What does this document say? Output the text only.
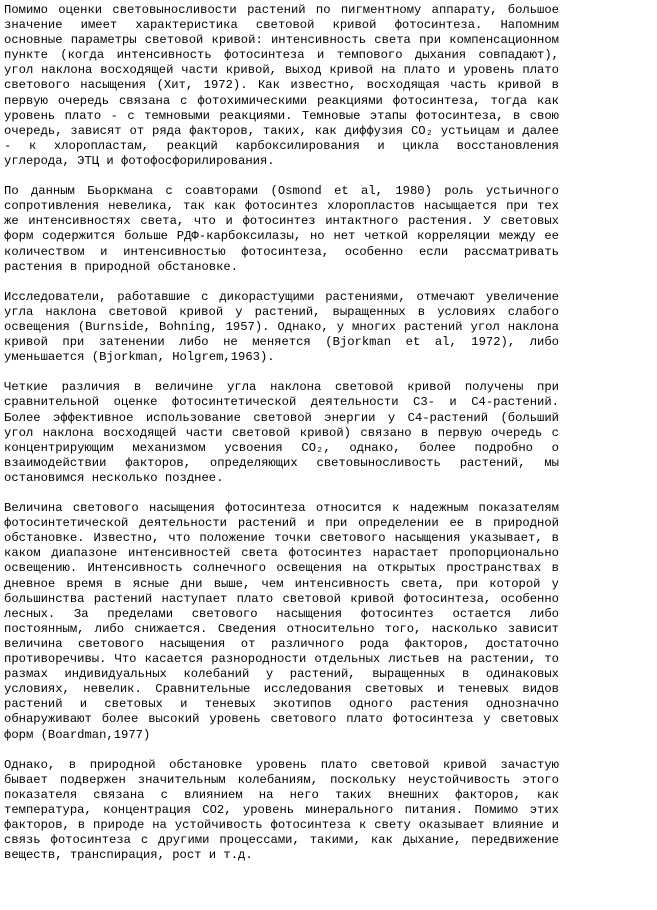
Помимо оценки световыносливости растений по пигментному аппарату, большое значение имеет характеристика световой кривой фотосинтеза. Напомним основные параметры световой кривой: интенсивность света при компенсационном пункте (когда интенсивность фотосинтеза и темпового дыхания совпадают), угол наклона восходящей части кривой, выход кривой на плато и уровень плато светового насыщения (Хит, 1972). Как известно, восходящая часть кривой в первую очередь связана с фотохимическими реакциями фотосинтеза, тогда как уровень плато - с темновыми реакциями. Темновые этапы фотосинтеза, в свою очередь, зависят от ряда факторов, таких, как диффузия CO₂ устьицам и далее - к хлоропластам, реакций карбоксилирования и цикла восстановления углерода, ЭТЦ и фотофосфорилирования.

По данным Бьоркмана с соавторами (Osmond et al, 1980) роль устьичного сопротивления невелика, так как фотосинтез хлоропластов насыщается при тех же интенсивностях света, что и фотосинтез интактного растения. У световых форм содержится больше РДФ-карбоксилазы, но нет четкой корреляции между ее количеством и интенсивностью фотосинтеза, особенно если рассматривать растения в природной обстановке.

Исследователи, работавшие с дикорастущими растениями, отмечают увеличение угла наклона световой кривой у растений, выращенных в условиях слабого освещения (Burnside, Bohning, 1957). Однако, у многих растений угол наклона кривой при затенении либо не меняется (Bjorkman et al, 1972), либо уменьшается (Bjorkman, Holgrem,1963).

Четкие различия в величине угла наклона световой кривой получены при сравнительной оценке фотосинтетической деятельности С3- и С4-растений. Более эффективное использование световой энергии у С4-растений (больший угол наклона восходящей части световой кривой) связано в первую очередь с концентрирующим механизмом усвоения CO₂, однако, более подробно о взаимодействии факторов, определяющих световыносливость растений, мы остановимся несколько позднее.

Величина светового насыщения фотосинтеза относится к надежным показателям фотосинтетической деятельности растений и при определении ее в природной обстановке. Известно, что положение точки светового насыщения указывает, в каком диапазоне интенсивностей света фотосинтез нарастает пропорционально освещению. Интенсивность солнечного освещения на открытых пространствах в дневное время в ясные дни выше, чем интенсивность света, при которой у большинства растений наступает плато световой кривой фотосинтеза, особенно лесных. За пределами светового насыщения фотосинтез остается либо постоянным, либо снижается. Сведения относительно того, насколько зависит величина светового насыщения от различного рода факторов, достаточно противоречивы. Что касается разнородности отдельных листьев на растении, то размах индивидуальных колебаний у растений, выращенных в одинаковых условиях, невелик. Сравнительные исследования световых и теневых видов растений и световых и теневых экотипов одного растения однозначно обнаруживают более высокий уровень светового плато фотосинтеза у световых форм (Boardman,1977)

Однако, в природной обстановке уровень плато световой кривой зачастую бывает подвержен значительным колебаниям, поскольку неустойчивость этого показателя связана с влиянием на него таких внешних факторов, как температура, концентрация CO2, уровень минерального питания. Помимо этих факторов, в природе на устойчивость фотосинтеза к свету оказывает влияние и связь фотосинтеза с другими процессами, такими, как дыхание, передвижение веществ, транспирация, рост и т.д.
